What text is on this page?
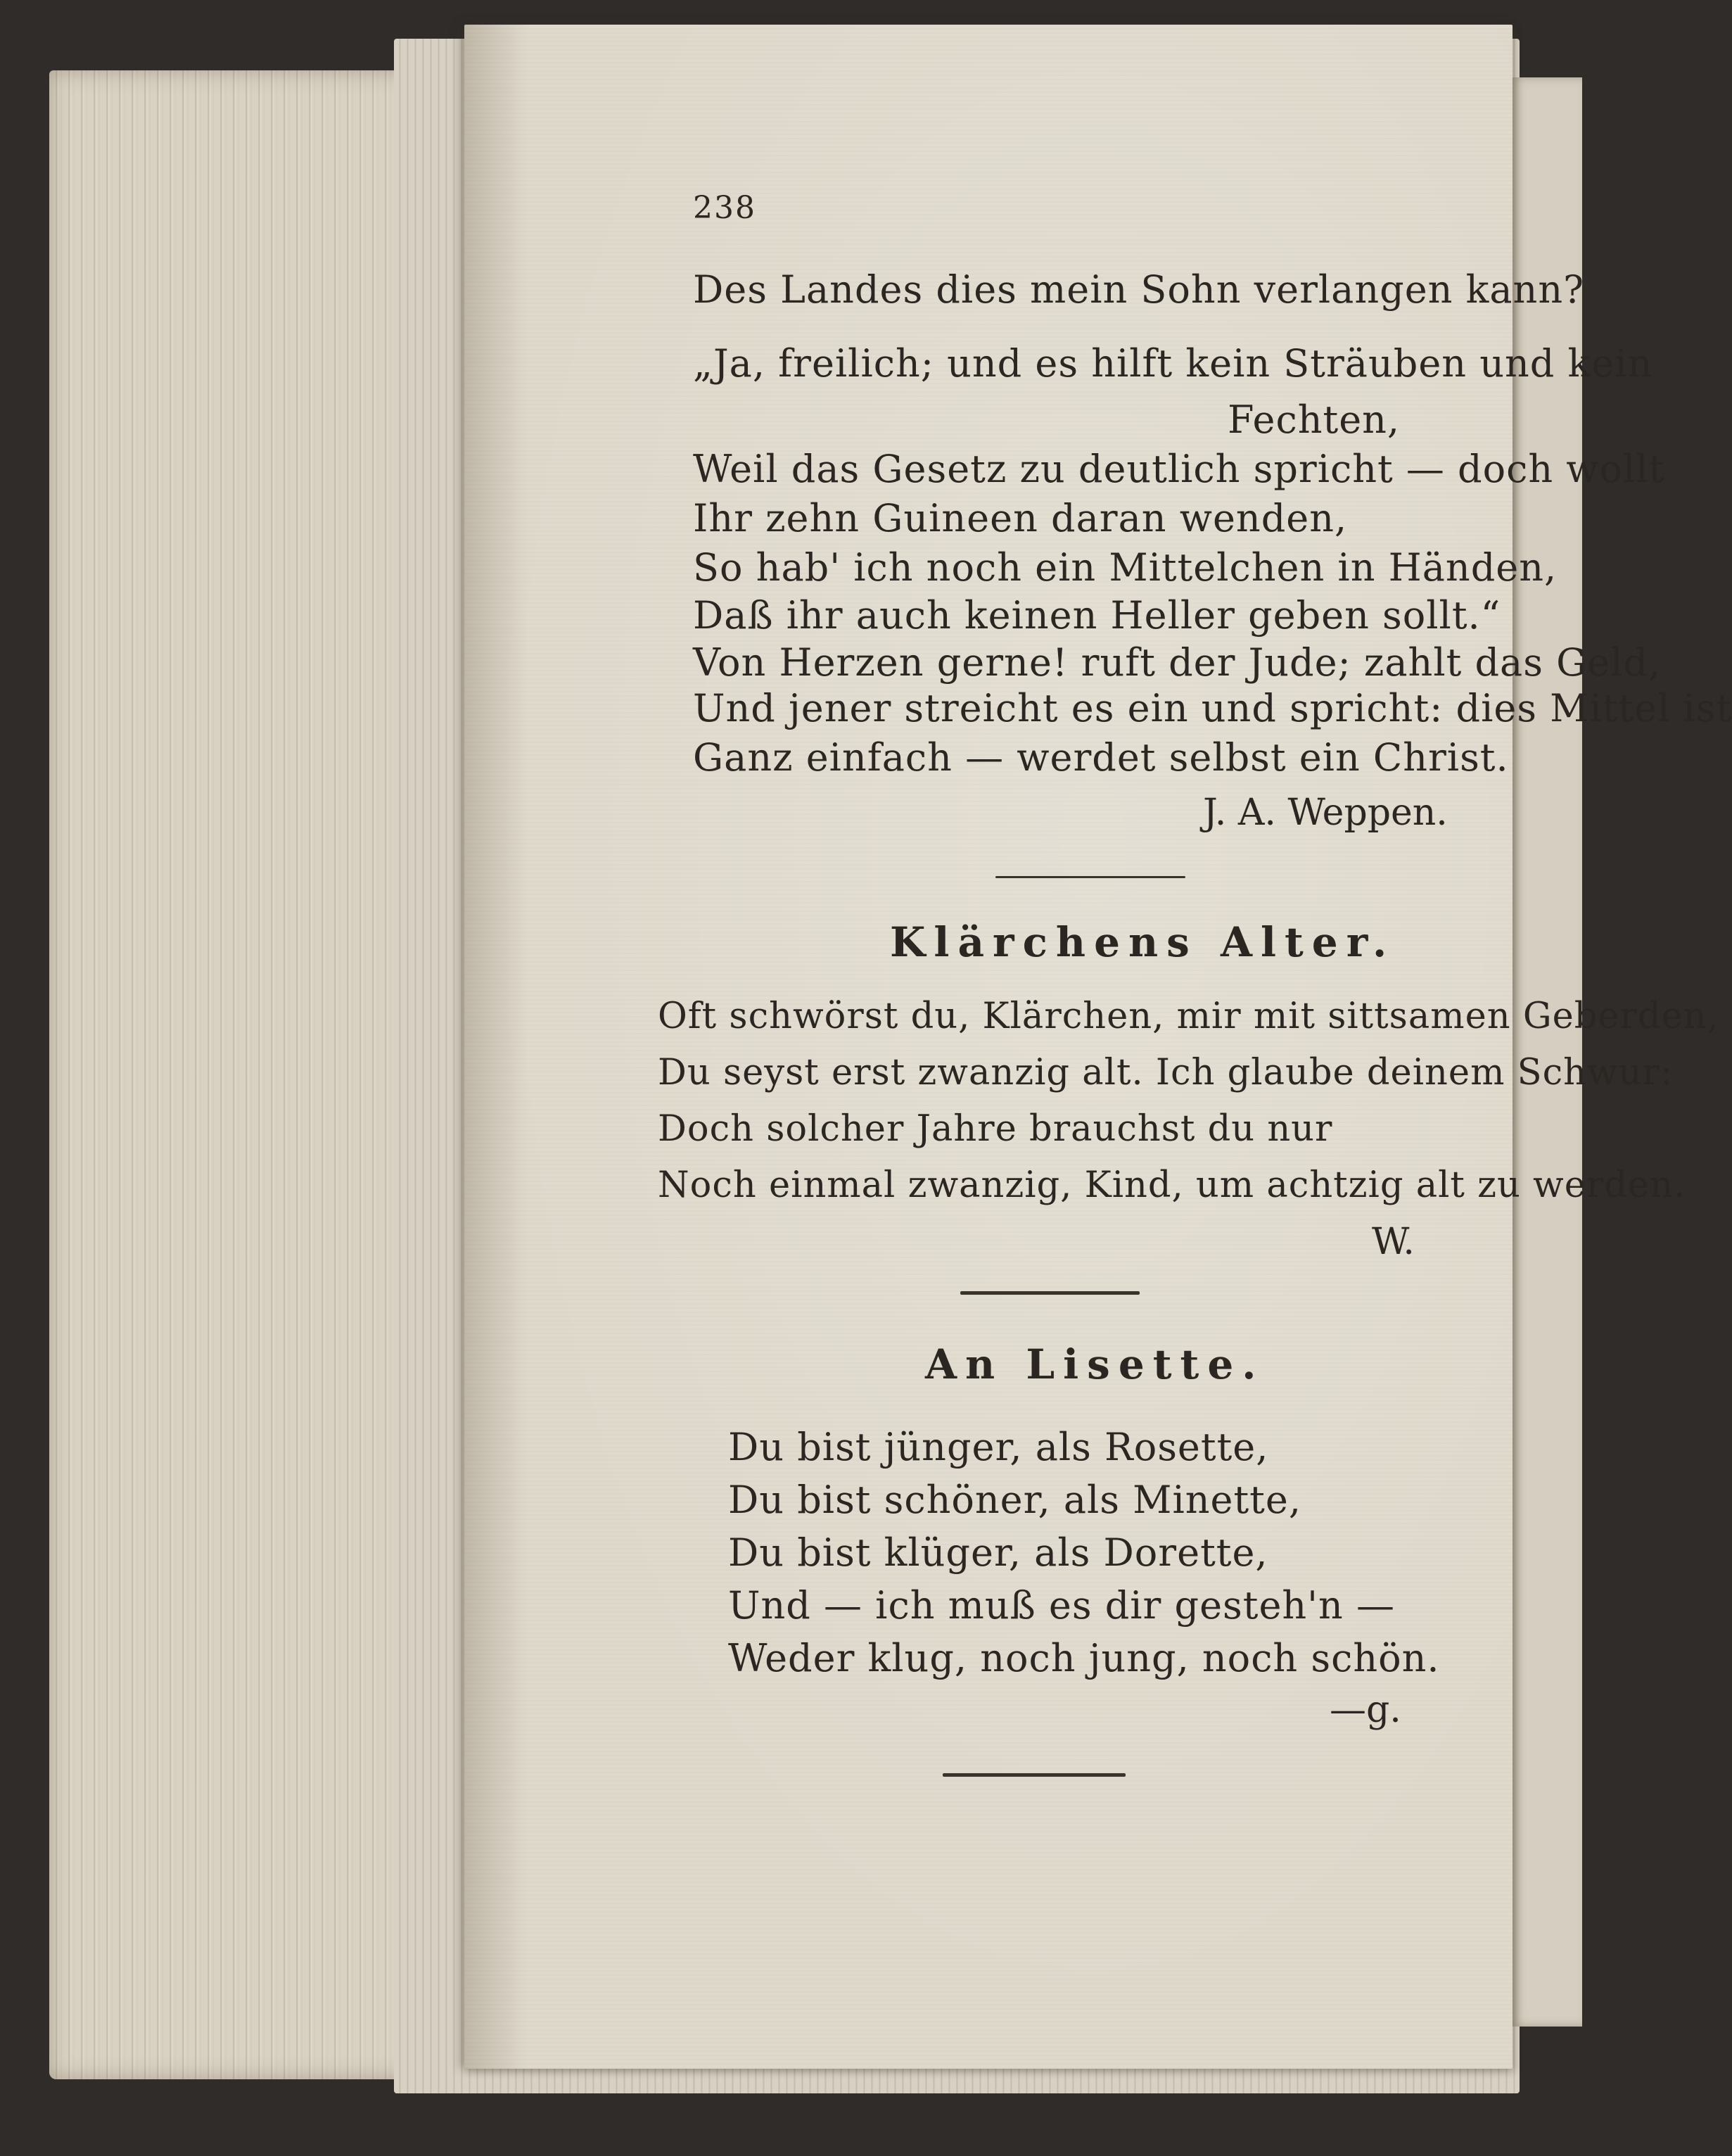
238
Des Landes dies mein Sohn verlangen kann?
„Ja, freilich; und es hilft kein Sträuben und kein
Fechten,
Weil das Gesetz zu deutlich spricht — doch wollt
Ihr zehn Guineen daran wenden,
So hab' ich noch ein Mittelchen in Händen,
Daß ihr auch keinen Heller geben sollt.“
Von Herzen gerne! ruft der Jude; zahlt das Geld,
Und jener streicht es ein und spricht: dies Mittel ist
Ganz einfach — werdet selbst ein Christ.
J. A. Weppen.
Klärchens Alter.
Oft schwörst du, Klärchen, mir mit sittsamen Geberden,
Du seyst erst zwanzig alt. Ich glaube deinem Schwur:
Doch solcher Jahre brauchst du nur
Noch einmal zwanzig, Kind, um achtzig alt zu werden.
W.
An Lisette.
Du bist jünger, als Rosette,
Du bist schöner, als Minette,
Du bist klüger, als Dorette,
Und — ich muß es dir gesteh'n —
Weder klug, noch jung, noch schön.
—g.
